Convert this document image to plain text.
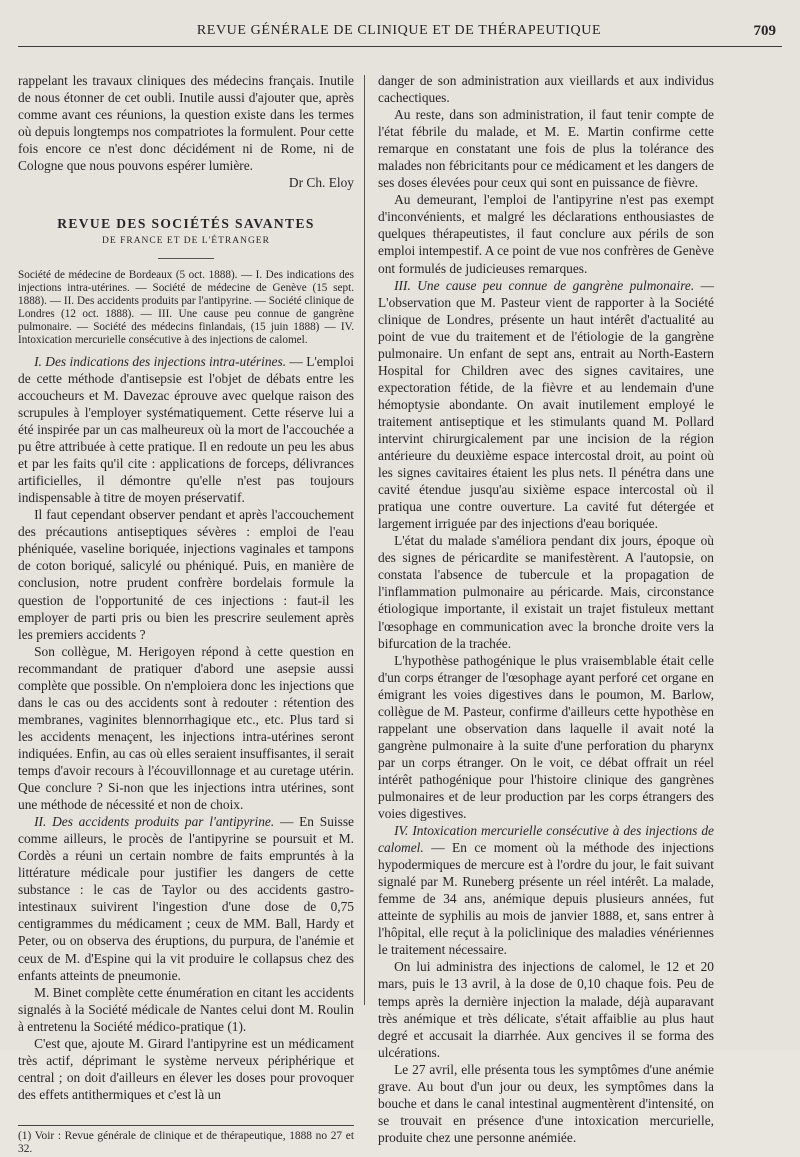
REVUE GÉNÉRALE DE CLINIQUE ET DE THÉRAPEUTIQUE	709

rappelant les travaux cliniques des médecins français. Inutile de nous étonner de cet oubli. Inutile aussi d'ajouter que, après comme avant ces réunions, la question existe dans les termes où depuis longtemps nos compatriotes la formulent. Pour cette fois encore ce n'est donc décidément ni de Rome, ni de Cologne que nous pouvons espérer lumière.

Dr Ch. Eloy
REVUE DES SOCIÉTÉS SAVANTES
DE FRANCE ET DE L'ÉTRANGER

Société de médecine de Bordeaux (5 oct. 1888). — I. Des indications des injections intra-utérines. — Société de médecine de Genève (15 sept. 1888). — II. Des accidents produits par l'antipyrine. — Société clinique de Londres (12 oct. 1888). — III. Une cause peu connue de gangrène pulmonaire. — Société des médecins finlandais, (15 juin 1888) — IV. Intoxication mercurielle consécutive à des injections de calomel.

I. Des indications des injections intra-utérines. — L'emploi de cette méthode d'antisepsie est l'objet de débats entre les accoucheurs et M. Davezac éprouve avec quelque raison des scrupules à l'employer systématiquement. Cette réserve lui a été inspirée par un cas malheureux où la mort de l'accouchée a pu être attribuée à cette pratique. Il en redoute un peu les abus et par les faits qu'il cite : applications de forceps, délivrances artificielles, il démontre qu'elle n'est pas toujours indispensable à titre de moyen préservatif.

Il faut cependant observer pendant et après l'accouchement des précautions antiseptiques sévères : emploi de l'eau phéniquée, vaseline boriquée, injections vaginales et tampons de coton boriqué, salicylé ou phéniqué. Puis, en manière de conclusion, notre prudent confrère bordelais formule la question de l'opportunité de ces injections : faut-il les employer de parti pris ou bien les prescrire seulement après les premiers accidents ?

Son collègue, M. Herigoyen répond à cette question en recommandant de pratiquer d'abord une asepsie aussi complète que possible. On n'emploiera donc les injections que dans le cas ou des accidents sont à redouter : rétention des membranes, vaginites blennorrhagique etc., etc. Plus tard si les accidents menaçent, les injections intra-utérines seront indiquées. Enfin, au cas où elles seraient insuffisantes, il serait temps d'avoir recours à l'écouvillonnage et au curetage utérin. Que conclure ? Si-non que les injections intra utérines, sont une méthode de nécessité et non de choix.

II. Des accidents produits par l'antipyrine. — En Suisse comme ailleurs, le procès de l'antipyrine se poursuit et M. Cordès a réuni un certain nombre de faits empruntés à la littérature médicale pour justifier les dangers de cette substance : le cas de Taylor ou des accidents gastro-intestinaux suivirent l'ingestion d'une dose de 0,75 centigrammes du médicament ; ceux de MM. Ball, Hardy et Peter, ou on observa des éruptions, du purpura, de l'anémie et ceux de M. d'Espine qui la vit produire le collapsus chez des enfants atteints de pneumonie.

M. Binet complète cette énumération en citant les accidents signalés à la Société médicale de Nantes celui dont M. Roulin à entretenu la Société médico-pratique (1).

C'est que, ajoute M. Girard l'antipyrine est un médicament très actif, déprimant le système nerveux périphérique et central ; on doit d'ailleurs en élever les doses pour provoquer des effets antithermiques et c'est là un

(1) Voir : Revue générale de clinique et de thérapeutique, 1888 no 27 et 32.

danger de son administration aux vieillards et aux individus cachectiques.

Au reste, dans son administration, il faut tenir compte de l'état fébrile du malade, et M. E. Martin confirme cette remarque en constatant une fois de plus la tolérance des malades non fébricitants pour ce médicament et les dangers de ses doses élevées pour ceux qui sont en puissance de fièvre.

Au demeurant, l'emploi de l'antipyrine n'est pas exempt d'inconvénients, et malgré les déclarations enthousiastes de quelques thérapeutistes, il faut conclure aux périls de son emploi intempestif. A ce point de vue nos confrères de Genève ont formulés de judicieuses remarques.

III. Une cause peu connue de gangrène pulmonaire. — L'observation que M. Pasteur vient de rapporter à la Société clinique de Londres, présente un haut intérêt d'actualité au point de vue du traitement et de l'étiologie de la gangrène pulmonaire. Un enfant de sept ans, entrait au North-Eastern Hospital for Children avec des signes cavitaires, une expectoration fétide, de la fièvre et au lendemain d'une hémoptysie abondante. On avait inutilement employé le traitement antiseptique et les stimulants quand M. Pollard intervint chirurgicalement par une incision de la région antérieure du deuxième espace intercostal droit, au point où les signes cavitaires étaient les plus nets. Il pénétra dans une cavité étendue jusqu'au sixième espace intercostal où il pratiqua une contre ouverture. La cavité fut détergée et largement irriguée par des injections d'eau boriquée.

L'état du malade s'améliora pendant dix jours, époque où des signes de péricardite se manifestèrent. A l'autopsie, on constata l'absence de tubercule et la propagation de l'inflammation pulmonaire au péricarde. Mais, circonstance étiologique importante, il existait un trajet fistuleux mettant l'œsophage en communication avec la bronche droite vers la bifurcation de la trachée.

L'hypothèse pathogénique le plus vraisemblable était celle d'un corps étranger de l'œsophage ayant perforé cet organe en émigrant les voies digestives dans le poumon, M. Barlow, collègue de M. Pasteur, confirme d'ailleurs cette hypothèse en rappelant une observation dans laquelle il avait noté la gangrène pulmonaire à la suite d'une perforation du pharynx par un corps étranger. On le voit, ce débat offrait un réel intérêt pathogénique pour l'histoire clinique des gangrènes pulmonaires et de leur production par les corps étrangers des voies digestives.

IV. Intoxication mercurielle consécutive à des injections de calomel. — En ce moment où la méthode des injections hypodermiques de mercure est à l'ordre du jour, le fait suivant signalé par M. Runeberg présente un réel intérêt. La malade, femme de 34 ans, anémique depuis plusieurs années, fut atteinte de syphilis au mois de janvier 1888, et, sans entrer à l'hôpital, elle reçut à la policlinique des maladies vénériennes le traitement nécessaire.

On lui administra des injections de calomel, le 12 et 20 mars, puis le 13 avril, à la dose de 0,10 chaque fois. Peu de temps après la dernière injection la malade, déjà auparavant très anémique et très délicate, s'était affaiblie au plus haut degré et accusait la diarrhée. Aux gencives il se forma des ulcérations.

Le 27 avril, elle présenta tous les symptômes d'une anémie grave. Au bout d'un jour ou deux, les symptômes dans la bouche et dans le canal intestinal augmentèrent d'intensité, on se trouvait en présence d'une intoxication mercurielle, produite chez une personne anémiée.
